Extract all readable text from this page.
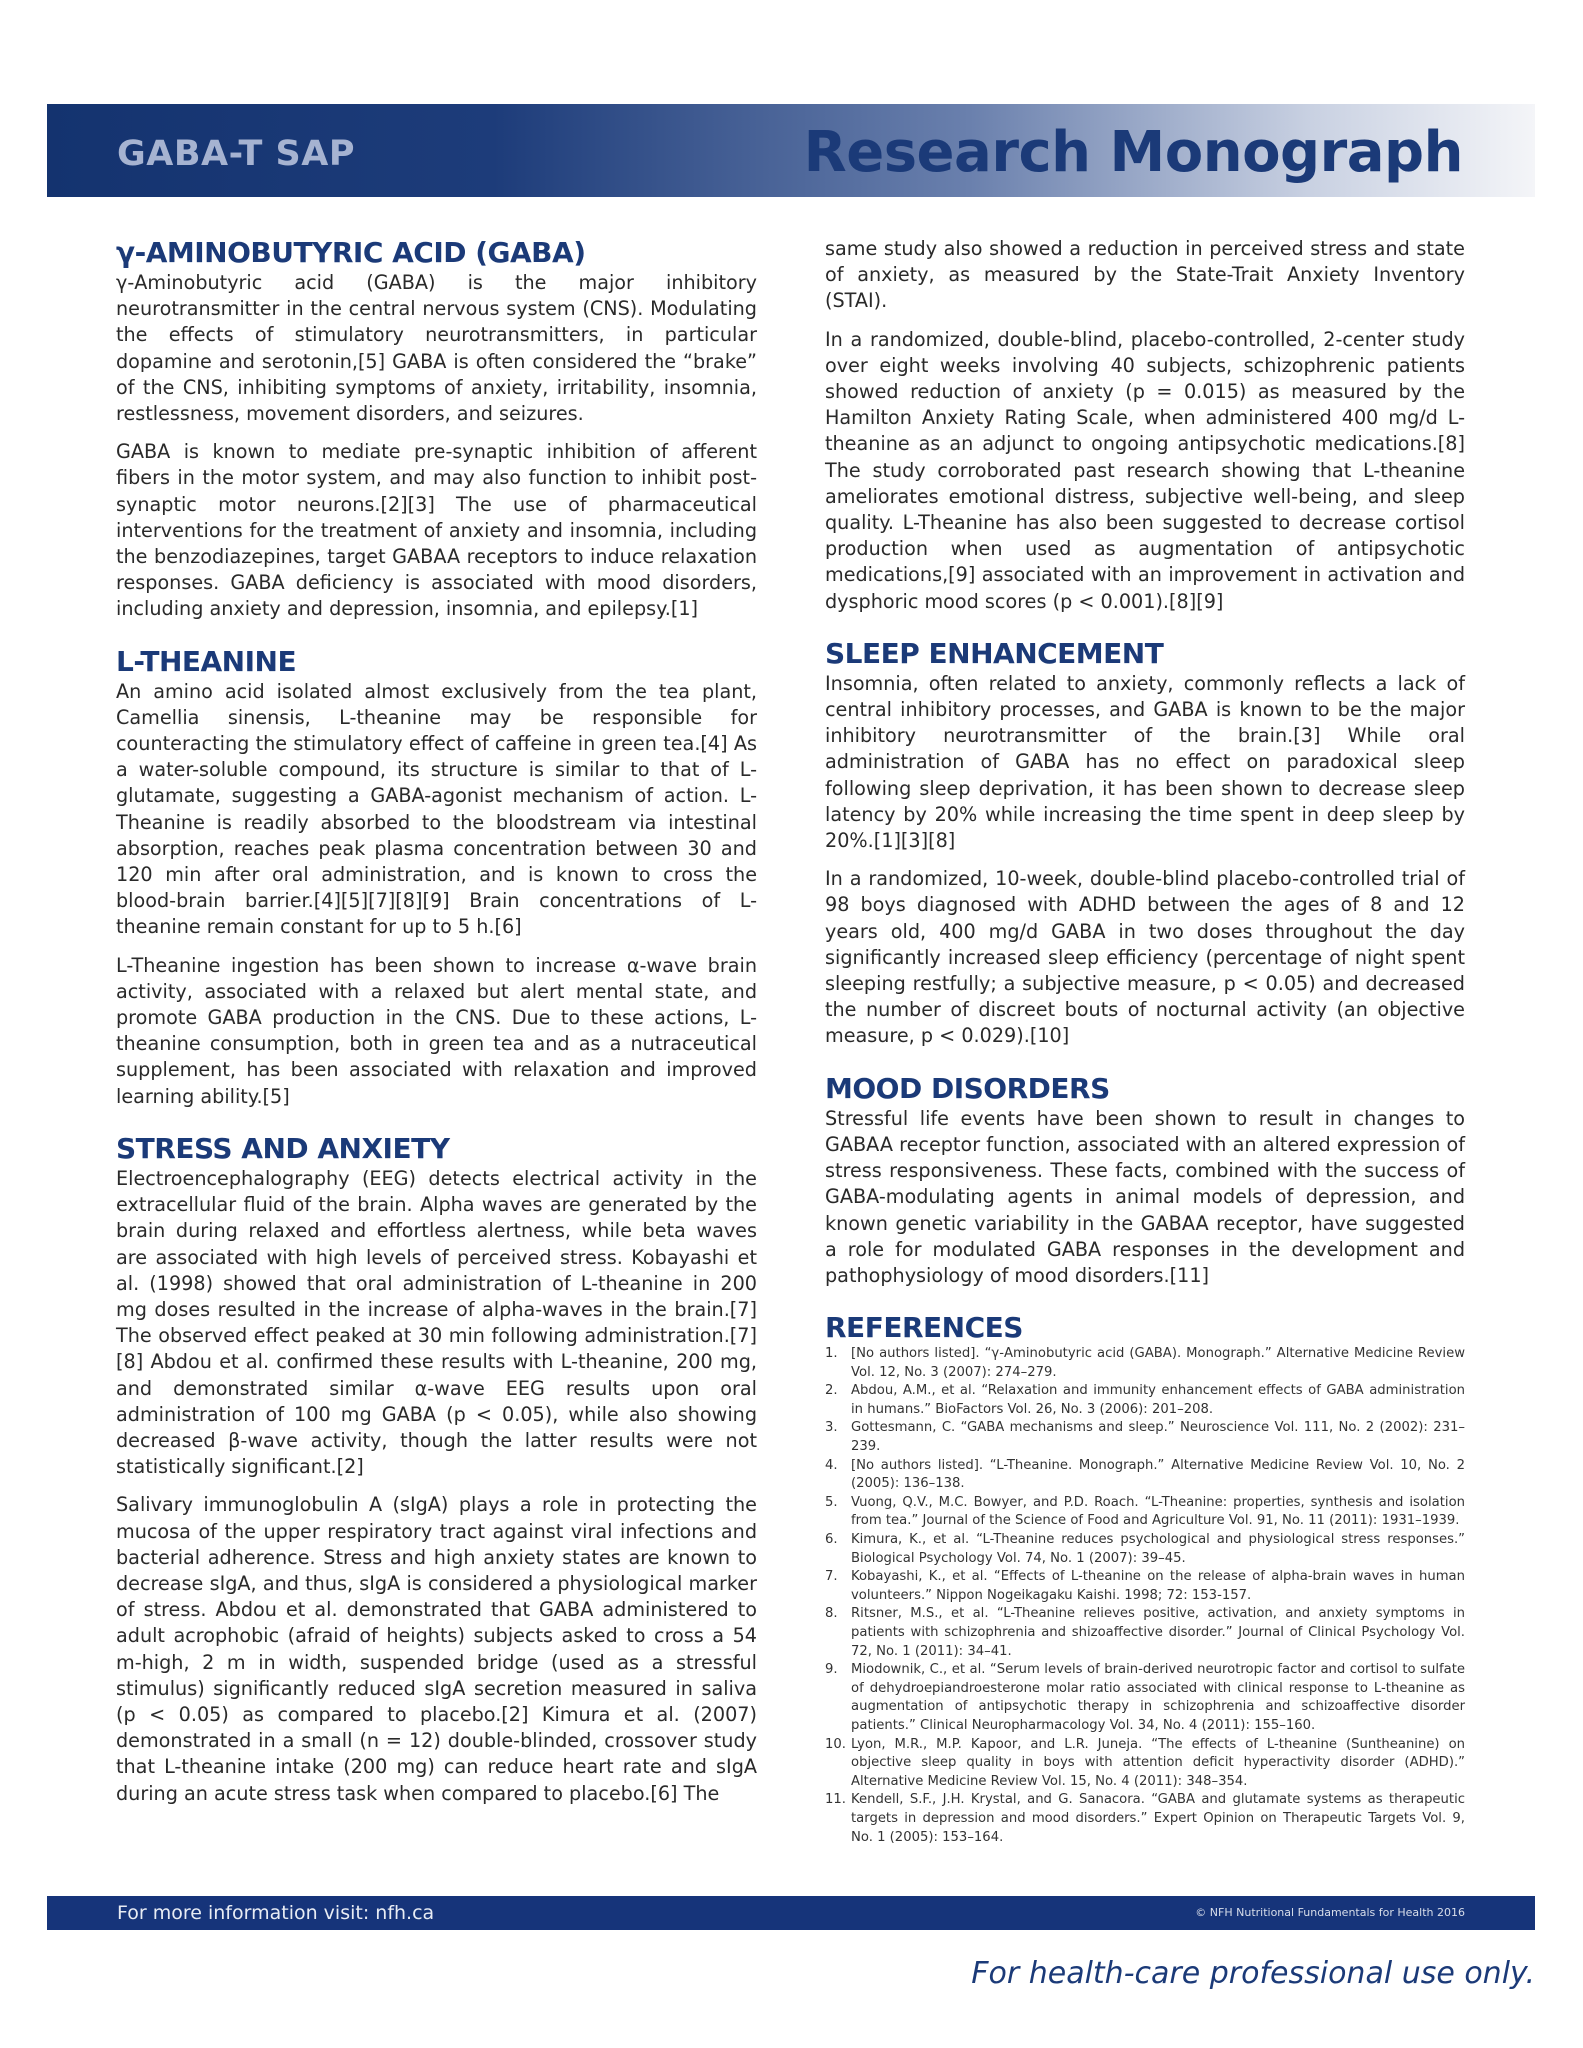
GABA-T SAP	Research Monograph
γ-AMINOBUTYRIC ACID (GABA)

γ-Aminobutyric acid (GABA) is the major inhibitory neurotransmitter in the central nervous system (CNS). Modulating the effects of stimulatory neurotransmitters, in particular dopamine and serotonin,[5] GABA is often considered the “brake” of the CNS, inhibiting symptoms of anxiety, irritability, insomnia, restlessness, movement disorders, and seizures.

GABA is known to mediate pre-synaptic inhibition of afferent fibers in the motor system, and may also function to inhibit post-synaptic motor neurons.[2][3] The use of pharmaceutical interventions for the treatment of anxiety and insomnia, including the benzodiazepines, target GABAA receptors to induce relaxation responses. GABA deficiency is associated with mood disorders, including anxiety and depression, insomnia, and epilepsy.[1]

L-THEANINE

An amino acid isolated almost exclusively from the tea plant, Camellia sinensis, L-theanine may be responsible for counteracting the stimulatory effect of caffeine in green tea.[4] As a water-soluble compound, its structure is similar to that of L-glutamate, suggesting a GABA-agonist mechanism of action. L-Theanine is readily absorbed to the bloodstream via intestinal absorption, reaches peak plasma concentration between 30 and 120 min after oral administration, and is known to cross the blood-brain barrier.[4][5][7][8][9] Brain concentrations of L-theanine remain constant for up to 5 h.[6]

L-Theanine ingestion has been shown to increase α-wave brain activity, associated with a relaxed but alert mental state, and promote GABA production in the CNS. Due to these actions, L-theanine consumption, both in green tea and as a nutraceutical supplement, has been associated with relaxation and improved learning ability.[5]

STRESS AND ANXIETY

Electroencephalography (EEG) detects electrical activity in the extracellular fluid of the brain. Alpha waves are generated by the brain during relaxed and effortless alertness, while beta waves are associated with high levels of perceived stress. Kobayashi et al. (1998) showed that oral administration of L-theanine in 200 mg doses resulted in the increase of alpha-waves in the brain.[7] The observed effect peaked at 30 min following administration.[7][8] Abdou et al. confirmed these results with L-theanine, 200 mg, and demonstrated similar α-wave EEG results upon oral administration of 100 mg GABA (p < 0.05), while also showing decreased β-wave activity, though the latter results were not statistically significant.[2]

Salivary immunoglobulin A (sIgA) plays a role in protecting the mucosa of the upper respiratory tract against viral infections and bacterial adherence. Stress and high anxiety states are known to decrease sIgA, and thus, sIgA is considered a physiological marker of stress. Abdou et al. demonstrated that GABA administered to adult acrophobic (afraid of heights) subjects asked to cross a 54 m-high, 2 m in width, suspended bridge (used as a stressful stimulus) significantly reduced sIgA secretion measured in saliva (p < 0.05) as compared to placebo.[2] Kimura et al. (2007) demonstrated in a small (n = 12) double-blinded, crossover study that L-theanine intake (200 mg) can reduce heart rate and sIgA during an acute stress task when compared to placebo.[6] The

same study also showed a reduction in perceived stress and state of anxiety, as measured by the State-Trait Anxiety Inventory (STAI).

In a randomized, double-blind, placebo-controlled, 2-center study over eight weeks involving 40 subjects, schizophrenic patients showed reduction of anxiety (p = 0.015) as measured by the Hamilton Anxiety Rating Scale, when administered 400 mg/d L-theanine as an adjunct to ongoing antipsychotic medications.[8] The study corroborated past research showing that L-theanine ameliorates emotional distress, subjective well-being, and sleep quality. L-Theanine has also been suggested to decrease cortisol production when used as augmentation of antipsychotic medications,[9] associated with an improvement in activation and dysphoric mood scores (p < 0.001).[8][9]

SLEEP ENHANCEMENT

Insomnia, often related to anxiety, commonly reflects a lack of central inhibitory processes, and GABA is known to be the major inhibitory neurotransmitter of the brain.[3] While oral administration of GABA has no effect on paradoxical sleep following sleep deprivation, it has been shown to decrease sleep latency by 20% while increasing the time spent in deep sleep by 20%.[1][3][8]

In a randomized, 10-week, double-blind placebo-controlled trial of 98 boys diagnosed with ADHD between the ages of 8 and 12 years old, 400 mg/d GABA in two doses throughout the day significantly increased sleep efficiency (percentage of night spent sleeping restfully; a subjective measure, p < 0.05) and decreased the number of discreet bouts of nocturnal activity (an objective measure, p < 0.029).[10]

MOOD DISORDERS

Stressful life events have been shown to result in changes to GABAA receptor function, associated with an altered expression of stress responsiveness. These facts, combined with the success of GABA-modulating agents in animal models of depression, and known genetic variability in the GABAA receptor, have suggested a role for modulated GABA responses in the development and pathophysiology of mood disorders.[11]

REFERENCES
1.	[No authors listed]. “γ-Aminobutyric acid (GABA). Monograph.” Alternative Medicine Review Vol. 12, No. 3 (2007): 274–279.
2.	Abdou, A.M., et al. “Relaxation and immunity enhancement effects of GABA administration in humans.” BioFactors Vol. 26, No. 3 (2006): 201–208.
3.	Gottesmann, C. “GABA mechanisms and sleep.” Neuroscience Vol. 111, No. 2 (2002): 231–239.
4.	[No authors listed]. “L-Theanine. Monograph.” Alternative Medicine Review Vol. 10, No. 2 (2005): 136–138.
5.	Vuong, Q.V., M.C. Bowyer, and P.D. Roach. “L-Theanine: properties, synthesis and isolation from tea.” Journal of the Science of Food and Agriculture Vol. 91, No. 11 (2011): 1931–1939.
6.	Kimura, K., et al. “L-Theanine reduces psychological and physiological stress responses.” Biological Psychology Vol. 74, No. 1 (2007): 39–45.
7.	Kobayashi, K., et al. “Effects of L-theanine on the release of alpha-brain waves in human volunteers.” Nippon Nogeikagaku Kaishi. 1998; 72: 153-157.
8.	Ritsner, M.S., et al. “L-Theanine relieves positive, activation, and anxiety symptoms in patients with schizophrenia and shizoaffective disorder.” Journal of Clinical Psychology Vol. 72, No. 1 (2011): 34–41.
9.	Miodownik, C., et al. “Serum levels of brain-derived neurotropic factor and cortisol to sulfate of dehydroepiandroesterone molar ratio associated with clinical response to L-theanine as augmentation of antipsychotic therapy in schizophrenia and schizoaffective disorder patients.” Clinical Neuropharmacology Vol. 34, No. 4 (2011): 155–160.
10. Lyon, M.R., M.P. Kapoor, and L.R. Juneja. “The effects of L-theanine (Suntheanine) on objective sleep quality in boys with attention deficit hyperactivity disorder (ADHD).” Alternative Medicine Review Vol. 15, No. 4 (2011): 348–354.
11. Kendell, S.F., J.H. Krystal, and G. Sanacora. “GABA and glutamate systems as therapeutic targets in depression and mood disorders.” Expert Opinion on Therapeutic Targets Vol. 9, No. 1 (2005): 153–164.
For more information visit: nfh.ca	© NFH Nutritional Fundamentals for Health 2016
For health-care professional use only.
